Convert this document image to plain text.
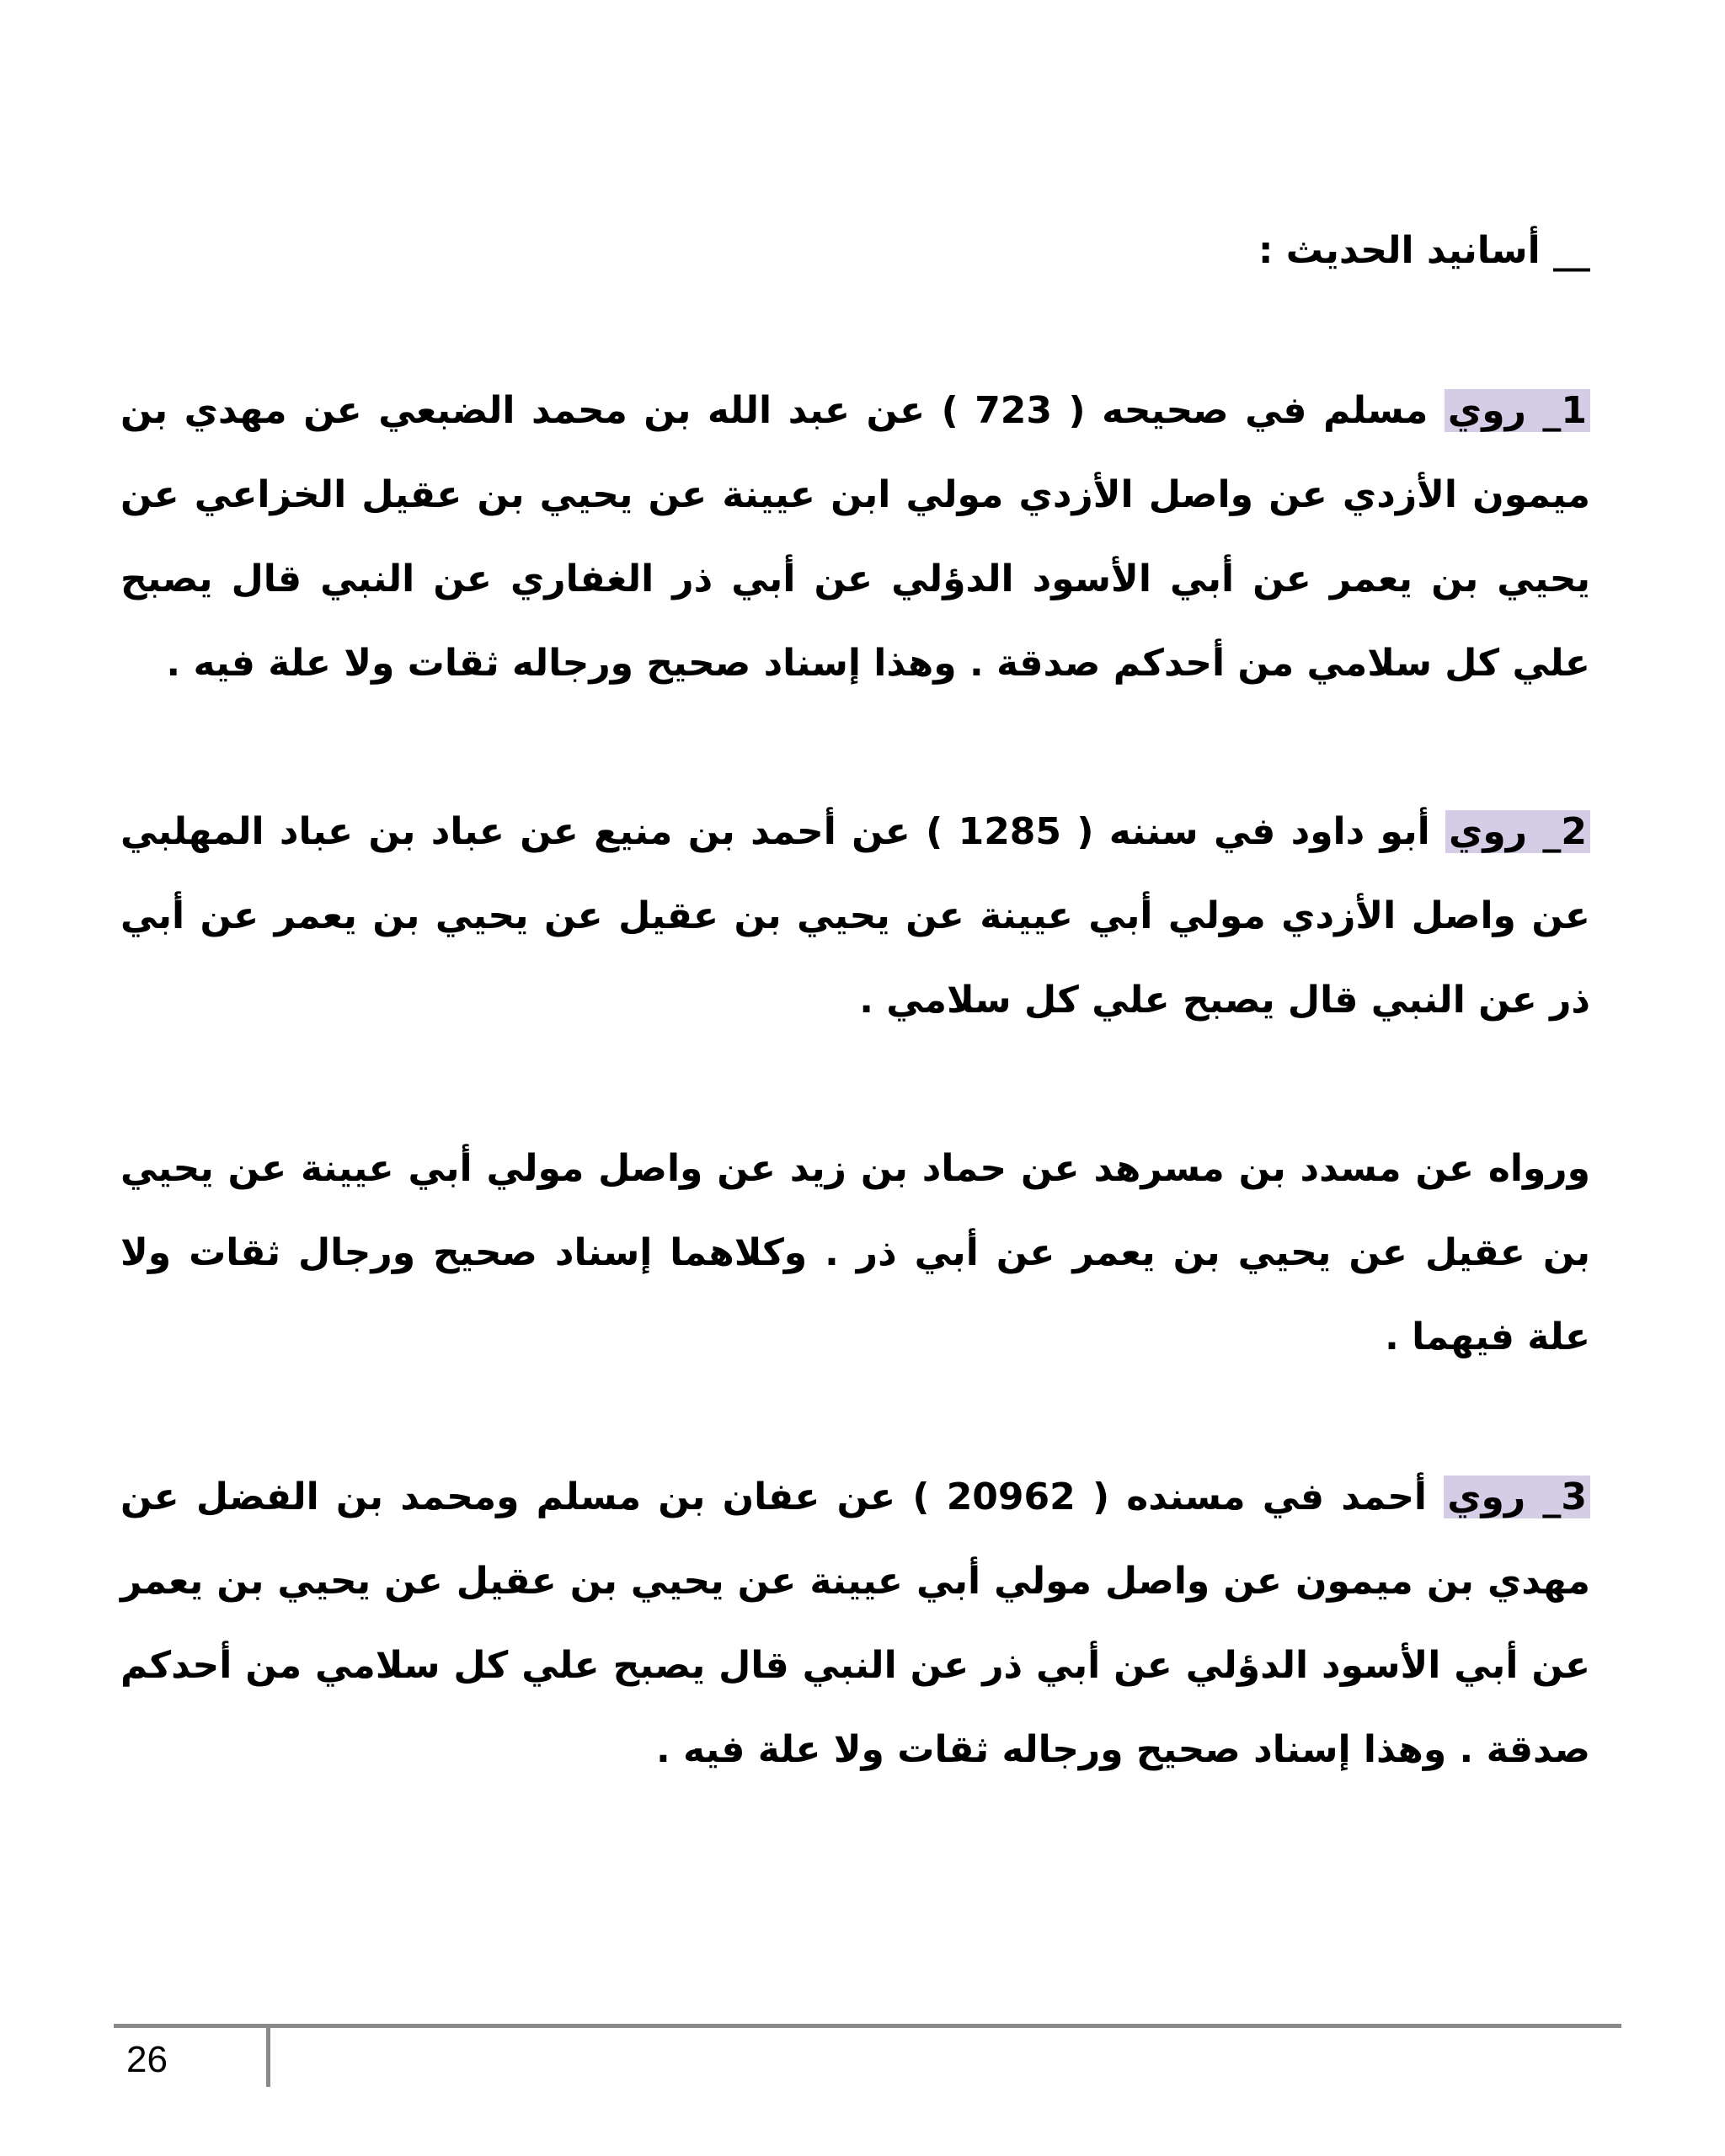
__ أسانيد الحديث :

1_ روي مسلم في صحيحه ( 723 ) عن عبد الله بن محمد الضبعي عن مهدي بن ميمون الأزدي عن واصل الأزدي مولي ابن عيينة عن يحيي بن عقيل الخزاعي عن يحيي بن يعمر عن أبي الأسود الدؤلي عن أبي ذر الغفاري عن النبي قال يصبح علي كل سلامي من أحدكم صدقة . وهذا إسناد صحيح ورجاله ثقات ولا علة فيه .

2_ روي أبو داود في سننه ( 1285 ) عن أحمد بن منيع عن عباد بن عباد المهلبي عن واصل الأزدي مولي أبي عيينة عن يحيي بن عقيل عن يحيي بن يعمر عن أبي ذر عن النبي قال يصبح علي كل سلامي .

ورواه عن مسدد بن مسرهد عن حماد بن زيد عن واصل مولي أبي عيينة عن يحيي بن عقيل عن يحيي بن يعمر عن أبي ذر . وكلاهما إسناد صحيح ورجال ثقات ولا علة فيهما .

3_ روي أحمد في مسنده ( 20962 ) عن عفان بن مسلم ومحمد بن الفضل عن مهدي بن ميمون عن واصل مولي أبي عيينة عن يحيي بن عقيل عن يحيي بن يعمر عن أبي الأسود الدؤلي عن أبي ذر عن النبي قال يصبح علي كل سلامي من أحدكم صدقة . وهذا إسناد صحيح ورجاله ثقات ولا علة فيه .

26
